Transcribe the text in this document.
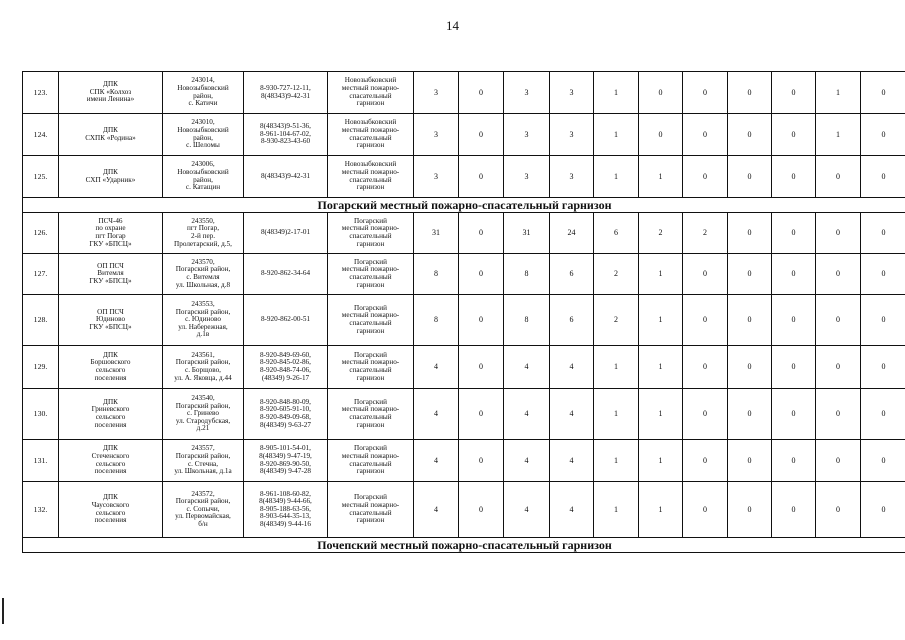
14
123.	ДПК
СПК «Колхоз
имени Ленина»	243014,
Новозыбковский
район,
с. Катичи	8-930-727-12-11,
8(48343)9-42-31	Новозыбковский
местный пожарно-
спасательный
гарнизон	3	0	3	3	1	0	0	0	0	1	0
124.	ДПК
СХПК «Родина»	243010,
Новозыбковский
район,
с. Шеломы	8(48343)9-51-36,
8-961-104-67-02,
8-930-823-43-60	Новозыбковский
местный пожарно-
спасательный
гарнизон	3	0	3	3	1	0	0	0	0	1	0
125.	ДПК
СХП «Ударник»	243006,
Новозыбковский
район,
с. Катащин	8(48343)9-42-31	Новозыбковский
местный пожарно-
спасательный
гарнизон	3	0	3	3	1	1	0	0	0	0	0
Погарский местный пожарно-спасательный гарнизон															
126.	ПСЧ-46
по охране
пгт Погар
ГКУ «БПСЦ»	243550,
пгт Погар,
2-й пер.
Пролетарский, д.5,	8(48349)2-17-01	Погарский
местный пожарно-
спасательный
гарнизон	31	0	31	24	6	2	2	0	0	0	0
127.	ОП ПСЧ
Витемля
ГКУ «БПСЦ»	243570,
Погарский район,
с. Витемля
ул. Школьная, д.8	8-920-862-34-64	Погарский
местный пожарно-
спасательный
гарнизон	8	0	8	6	2	1	0	0	0	0	0
128.	ОП ПСЧ
Юдиново
ГКУ «БПСЦ»	243553,
Погарский район,
с. Юдиново
ул. Набережная,
д.1в	8-920-862-00-51	Погарский
местный пожарно-
спасательный
гарнизон	8	0	8	6	2	1	0	0	0	0	0
129.	ДПК
Боршовского
сельского
поселения	243561,
Погарский район,
с. Борщово,
ул. А. Яковца, д.44	8-920-849-69-60,
8-920-845-02-86,
8-920-848-74-06,
(48349) 9-26-17	Погарский
местный пожарно-
спасательный
гарнизон	4	0	4	4	1	1	0	0	0	0	0
130.	ДПК
Гриневского
сельского
поселения	243540,
Погарский район,
с. Гринево
ул. Стародубская,
д.21	8-920-848-80-09,
8-920-605-91-10,
8-920-849-09-68,
8(48349) 9-63-27	Погарский
местный пожарно-
спасательный
гарнизон	4	0	4	4	1	1	0	0	0	0	0
131.	ДПК
Стеченского
сельского
поселения	243557,
Погарский район,
с. Стечна,
ул. Школьная, д.1а	8-905-101-54-01,
8(48349) 9-47-19,
8-920-869-90-50,
8(48349) 9-47-28	Погарский
местный пожарно-
спасательный
гарнизон	4	0	4	4	1	1	0	0	0	0	0
132.	ДПК
Чаусовского
сельского
поселения	243572,
Погарский район,
с. Сопычи,
ул. Первомайская,
б/н	8-961-108-60-82,
8(48349) 9-44-66,
8-905-188-63-56,
8-903-644-35-13,
8(48349) 9-44-16	Погарский
местный пожарно-
спасательный
гарнизон	4	0	4	4	1	1	0	0	0	0	0
Почепский местный пожарно-спасательный гарнизон															
